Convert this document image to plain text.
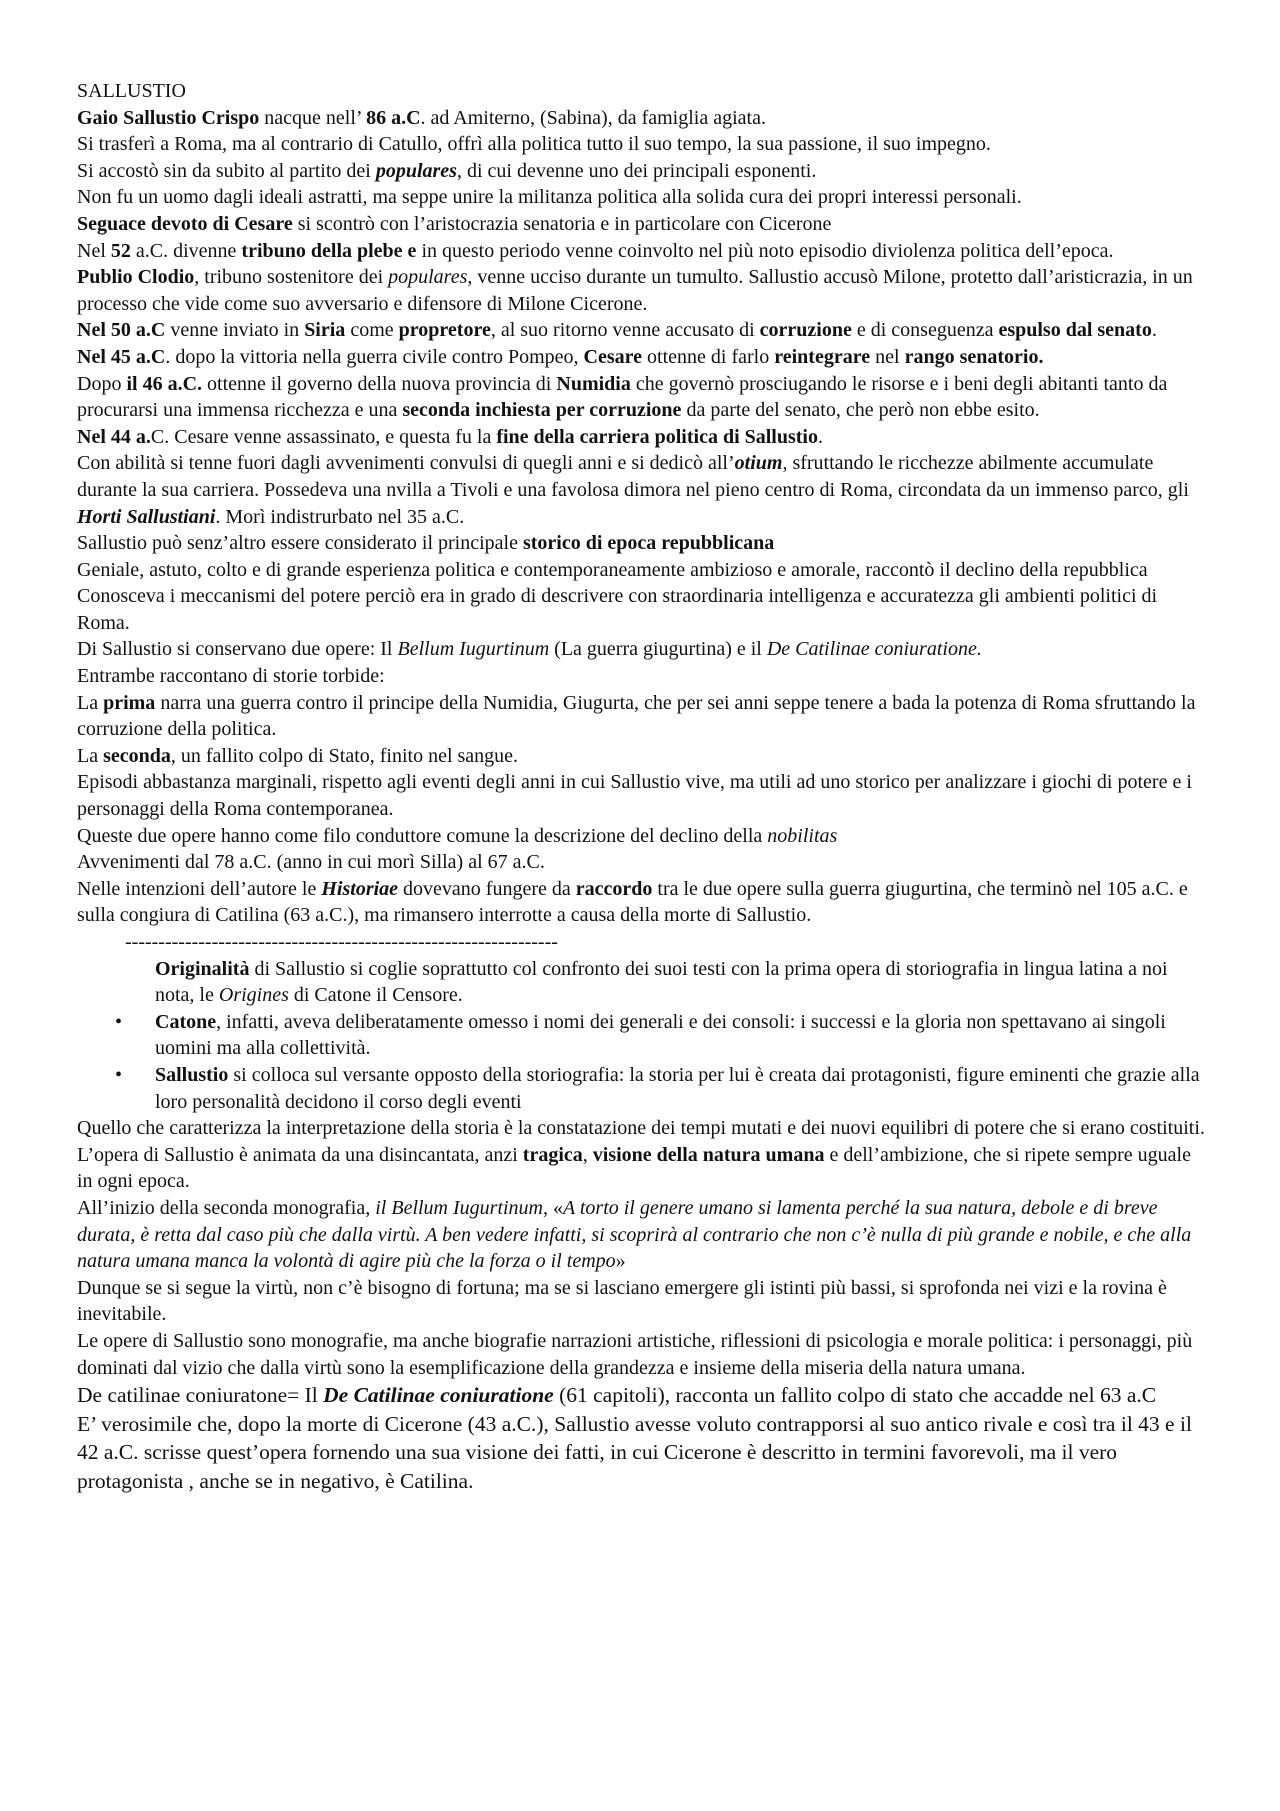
SALLUSTIO

Gaio Sallustio Crispo nacque nell’ 86 a.C. ad Amiterno, (Sabina), da famiglia agiata.

Si trasferì a Roma, ma al contrario di Catullo, offrì alla politica tutto il suo tempo, la sua passione, il suo impegno.

Si accostò sin da subito al partito dei populares, di cui devenne uno dei principali esponenti.

Non fu un uomo dagli ideali astratti, ma seppe unire la militanza politica alla solida cura dei propri interessi personali.

Seguace devoto di Cesare si scontrò con l’aristocrazia senatoria e in particolare con Cicerone

Nel 52 a.C. divenne tribuno della plebe e in questo periodo venne coinvolto nel più noto episodio diviolenza politica dell’epoca.

Publio Clodio, tribuno sostenitore dei populares, venne ucciso durante un tumulto. Sallustio accusò Milone, protetto dall’aristicrazia, in un processo che vide come suo avversario e difensore di Milone Cicerone.

Nel 50 a.C venne inviato in Siria come propretore, al suo ritorno venne accusato di corruzione e di conseguenza espulso dal senato.

Nel 45 a.C. dopo la vittoria nella guerra civile contro Pompeo, Cesare ottenne di farlo reintegrare nel rango senatorio.

Dopo il 46 a.C. ottenne il governo della nuova provincia di Numidia che governò prosciugando le risorse e i beni degli abitanti tanto da procurarsi una immensa ricchezza e una seconda inchiesta per corruzione da parte del senato, che però non ebbe esito.

Nel 44 a.C. Cesare venne assassinato, e questa fu la fine della carriera politica di Sallustio.

Con abilità si tenne fuori dagli avvenimenti convulsi di quegli anni e si dedicò all’otium, sfruttando le ricchezze abilmente accumulate durante la sua carriera. Possedeva una nvilla a Tivoli e una favolosa dimora nel pieno centro di Roma, circondata da un immenso parco, gli Horti Sallustiani. Morì indistrurbato nel 35 a.C.

Sallustio può senz’altro essere considerato il principale storico di epoca repubblicana

Geniale, astuto, colto e di grande esperienza politica e contemporaneamente ambizioso e amorale, raccontò il declino della repubblica

Conosceva i meccanismi del potere perciò era in grado di descrivere con straordinaria intelligenza e accuratezza gli ambienti politici di Roma.

Di Sallustio si conservano due opere: Il Bellum Iugurtinum (La guerra giugurtina) e il De Catilinae coniuratione.

Entrambe raccontano di storie torbide:

La prima narra una guerra contro il principe della Numidia, Giugurta, che per sei anni seppe tenere a bada la potenza di Roma sfruttando la corruzione della politica.

La seconda, un fallito colpo di Stato, finito nel sangue.

Episodi abbastanza marginali, rispetto agli eventi degli anni in cui Sallustio vive, ma utili ad uno storico per analizzare i giochi di potere e i personaggi della Roma contemporanea.

Queste due opere hanno come filo conduttore comune la descrizione del declino della nobilitas

Avvenimenti dal 78 a.C. (anno in cui morì Silla) al 67 a.C.

Nelle intenzioni dell’autore le Historiae dovevano fungere da raccordo tra le due opere sulla guerra giugurtina, che terminò nel 105 a.C. e sulla congiura di Catilina (63 a.C.), ma rimansero interrotte a causa della morte di Sallustio.

-----------------------------------------------------------------

Originalità di Sallustio si coglie soprattutto col confronto dei suoi testi con la prima opera di storiografia in lingua latina a noi nota, le Origines di Catone il Censore.
• Catone, infatti, aveva deliberatamente omesso i nomi dei generali e dei consoli: i successi e la gloria non spettavano ai singoli uomini ma alla collettività.
• Sallustio si colloca sul versante opposto della storiografia: la storia per lui è creata dai protagonisti, figure eminenti che grazie alla loro personalità decidono il corso degli eventi

Quello che caratterizza la interpretazione della storia è la constatazione dei tempi mutati e dei nuovi equilibri di potere che si erano costituiti.

L’opera di Sallustio è animata da una disincantata, anzi tragica, visione della natura umana e dell’ambizione, che si ripete sempre uguale in ogni epoca.

All’inizio della seconda monografia, il Bellum Iugurtinum, «A torto il genere umano si lamenta perché la sua natura, debole e di breve durata, è retta dal caso più che dalla virtù. A ben vedere infatti, si scoprirà al contrario che non c’è nulla di più grande e nobile, e che alla natura umana manca la volontà di agire più che la forza o il tempo»

Dunque se si segue la virtù, non c’è bisogno di fortuna; ma se si lasciano emergere gli istinti più bassi, si sprofonda nei vizi e la rovina è inevitabile.

Le opere di Sallustio sono monografie, ma anche biografie narrazioni artistiche, riflessioni di psicologia e morale politica: i personaggi, più dominati dal vizio che dalla virtù sono la esemplificazione della grandezza e insieme della miseria della natura umana.

De catilinae coniuratone= Il De Catilinae coniuratione (61 capitoli), racconta un fallito colpo di stato che accadde nel 63 a.C

E’ verosimile che, dopo la morte di Cicerone (43 a.C.), Sallustio avesse voluto contrapporsi al suo antico rivale e così tra il 43 e il 42 a.C. scrisse quest’opera fornendo una sua visione dei fatti, in cui Cicerone è descritto in termini favorevoli, ma il vero protagonista , anche se in negativo, è Catilina.
